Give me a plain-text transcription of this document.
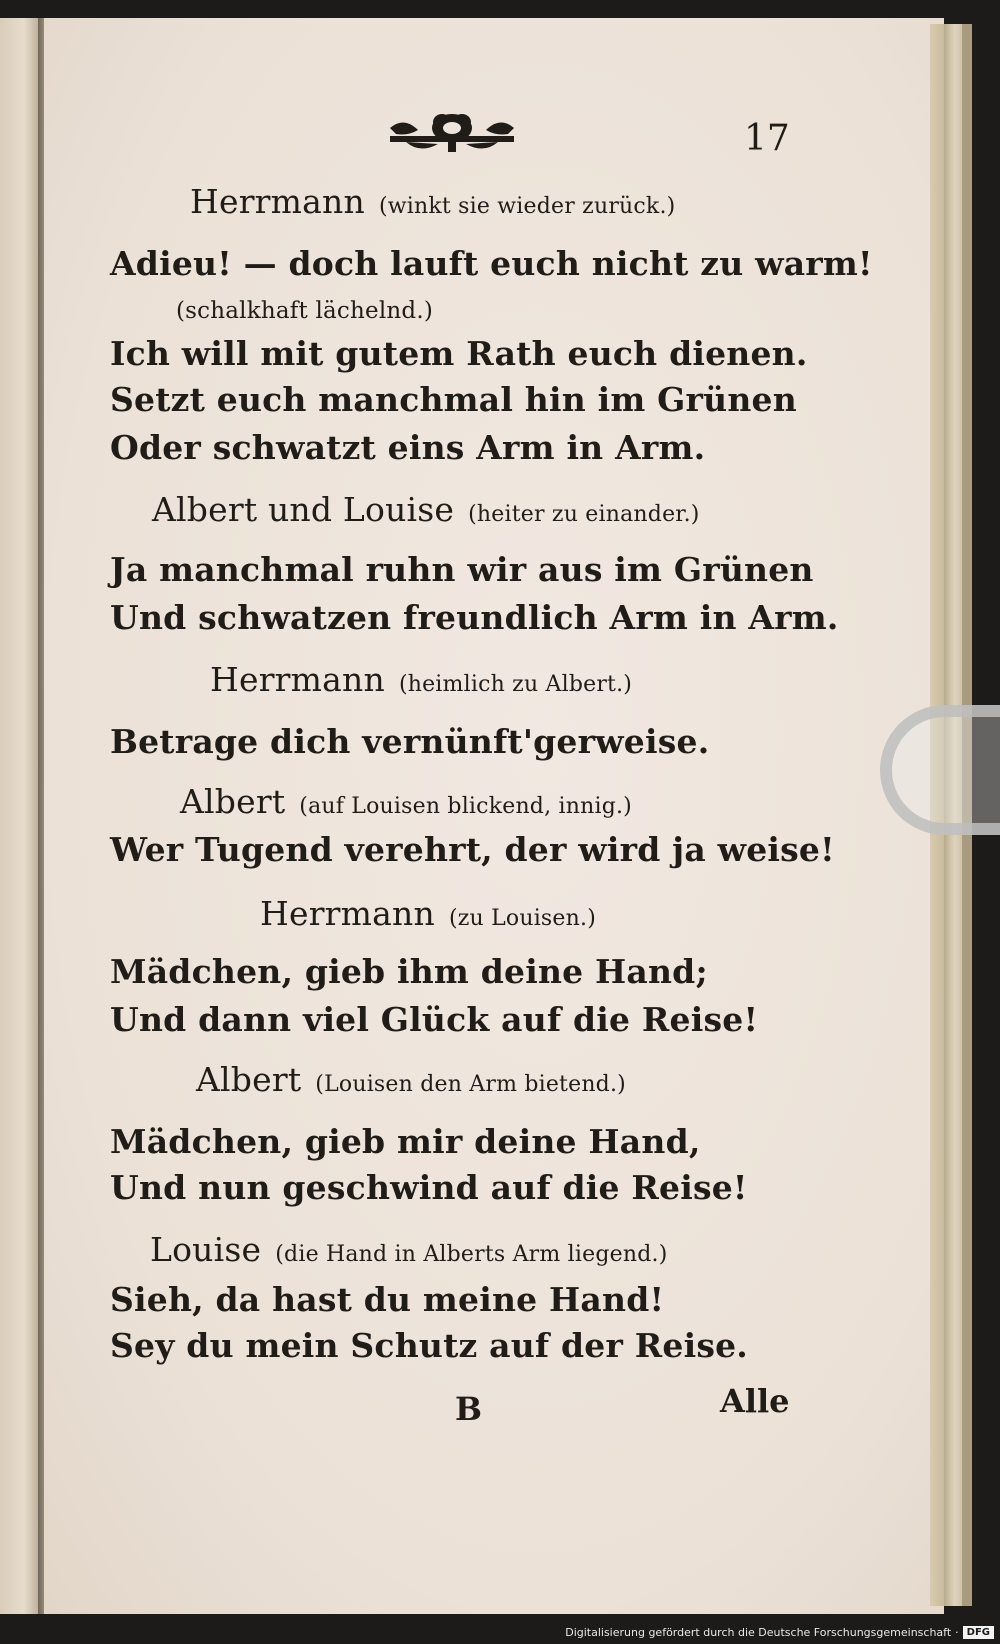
17
Herrmann (winkt sie wieder zurück.)
Adieu! — doch lauft euch nicht zu warm!
(schalkhaft lächelnd.)
Ich will mit gutem Rath euch dienen.
Setzt euch manchmal hin im Grünen
Oder schwatzt eins Arm in Arm.
Albert und Louise (heiter zu einander.)
Ja manchmal ruhn wir aus im Grünen
Und schwatzen freundlich Arm in Arm.
Herrmann (heimlich zu Albert.)
Betrage dich vernünft'gerweise.
Albert (auf Louisen blickend, innig.)
Wer Tugend verehrt, der wird ja weise!
Herrmann (zu Louisen.)
Mädchen, gieb ihm deine Hand;
Und dann viel Glück auf die Reise!
Albert (Louisen den Arm bietend.)
Mädchen, gieb mir deine Hand,
Und nun geschwind auf die Reise!
Louise (die Hand in Alberts Arm liegend.)
Sieh, da hast du meine Hand!
Sey du mein Schutz auf der Reise.
B	Alle
Digitalisierung gefördert durch die Deutsche Forschungsgemeinschaft · DFG
